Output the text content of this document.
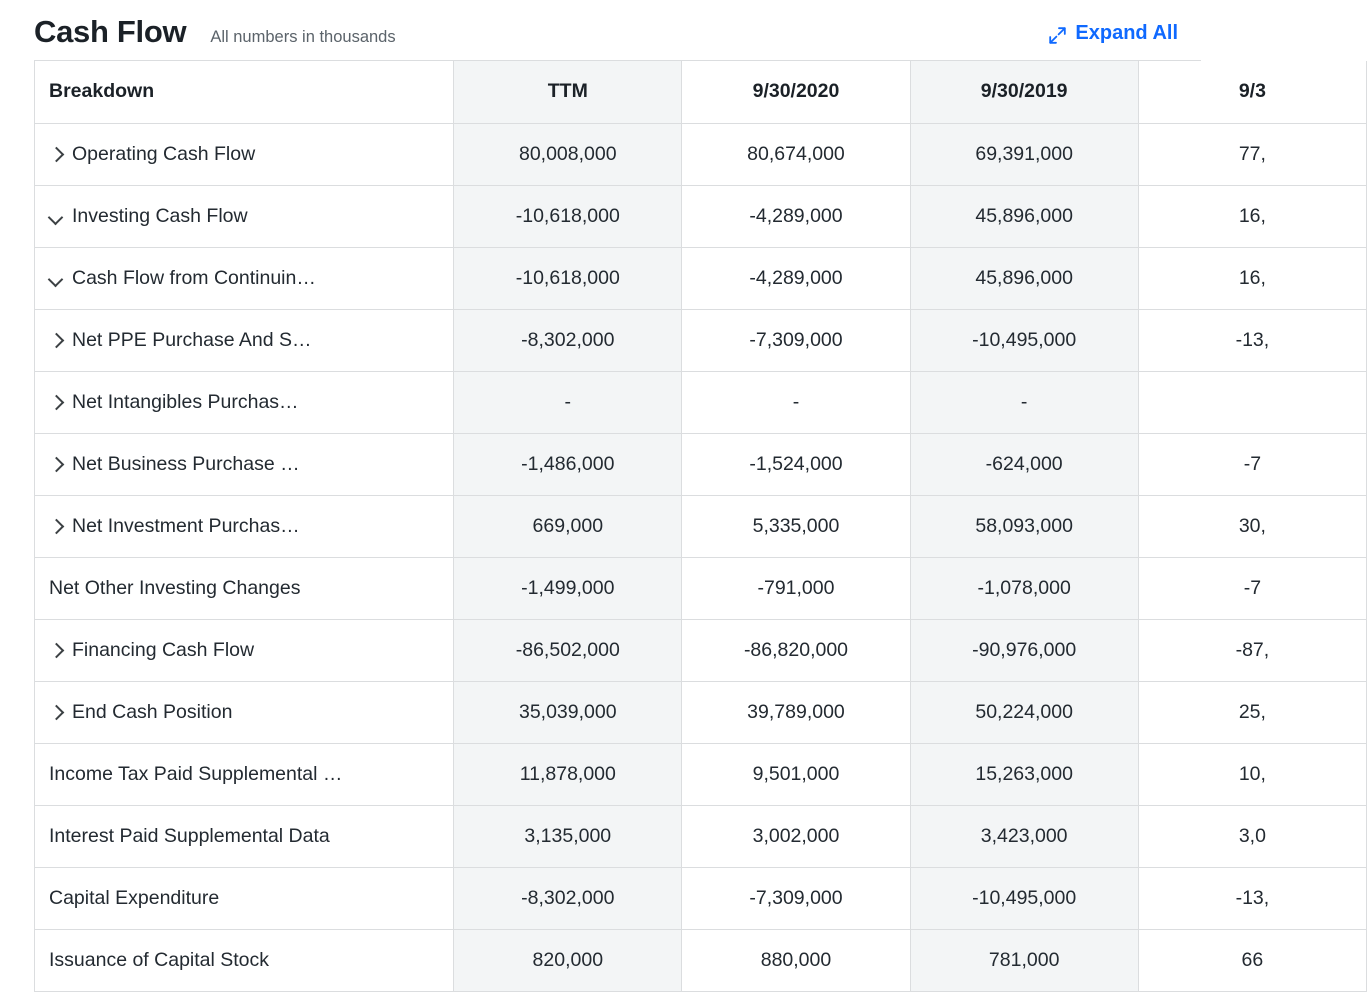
Cash Flow All numbers in thousands	Expand All
Breakdown	TTM	9/30/2020	9/30/2019	9/3

Operating Cash Flow	80,008,000	80,674,000	69,391,000	77,

Investing Cash Flow	-10,618,000	-4,289,000	45,896,000	16,

Cash Flow from Continuin…	-10,618,000	-4,289,000	45,896,000	16,

Net PPE Purchase And S…	-8,302,000	-7,309,000	-10,495,000	-13,

Net Intangibles Purchas…	-	-	-	

Net Business Purchase …	-1,486,000	-1,524,000	-624,000	-7

Net Investment Purchas…	669,000	5,335,000	58,093,000	30,

Net Other Investing Changes	-1,499,000	-791,000	-1,078,000	-7

Financing Cash Flow	-86,502,000	-86,820,000	-90,976,000	-87,

End Cash Position	35,039,000	39,789,000	50,224,000	25,

Income Tax Paid Supplemental …	11,878,000	9,501,000	15,263,000	10,

Interest Paid Supplemental Data	3,135,000	3,002,000	3,423,000	3,0

Capital Expenditure	-8,302,000	-7,309,000	-10,495,000	-13,

Issuance of Capital Stock	820,000	880,000	781,000	66
